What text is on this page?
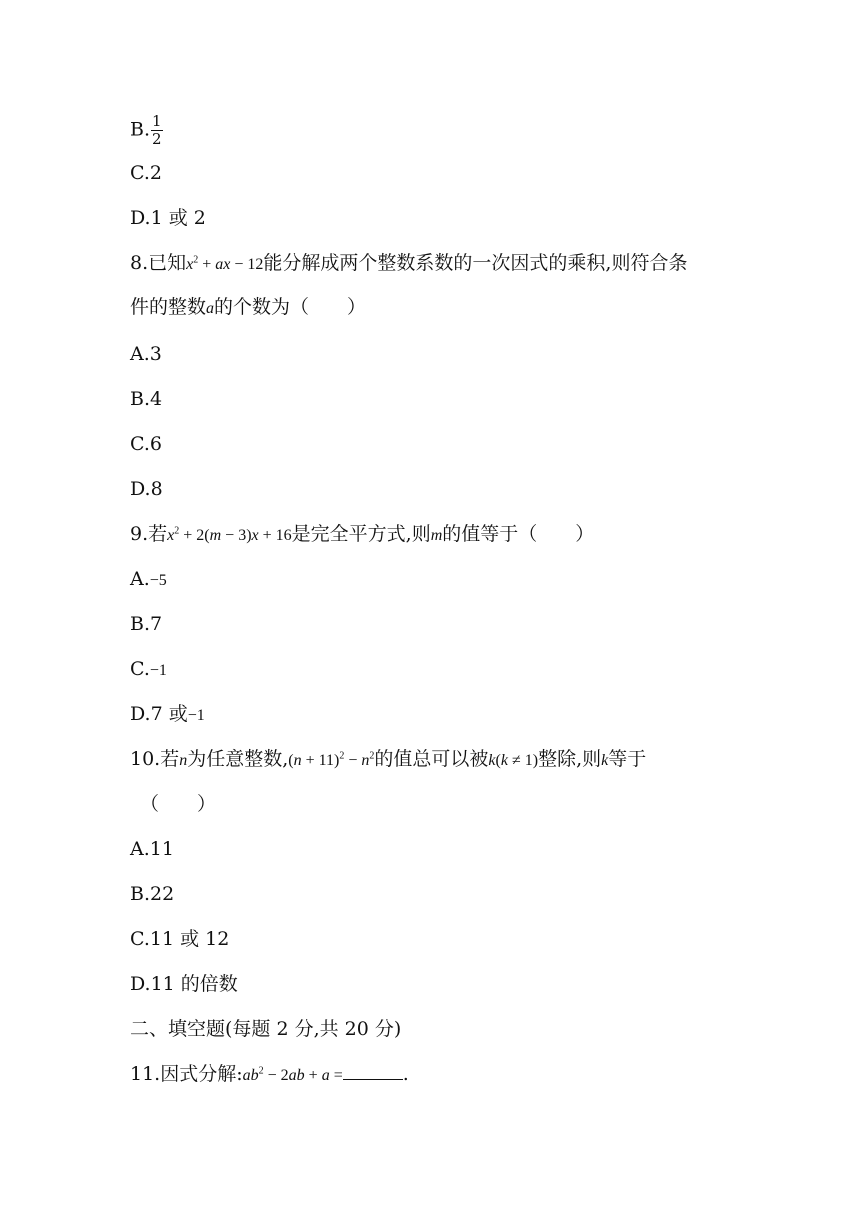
B. $\frac{1}{2}$
C.2
D.1 或 2
8.已知$x^2$ + ax − 12能分解成两个整数系数的一次因式的乘积,则符合条
件的整数a的个数为（　　）
A.3
B.4
C.6
D.8
9.若$x^2 + 2(m - 3)x + 16$是完全平方式,则m的值等于（　　）
A.−5
B.7
C.−1
D.7 或−1
10.若n为任意整数$,(n + 11)^2 - n^2$的值总可以被k(k ≠ 1)整除,则k等于
（　　）
A.11
B.22
C.11 或 12
D.11 的倍数
二、填空题(每题 2 分,共 20 分)
11.因式分解$:ab^2 - 2ab + a$ =	.
